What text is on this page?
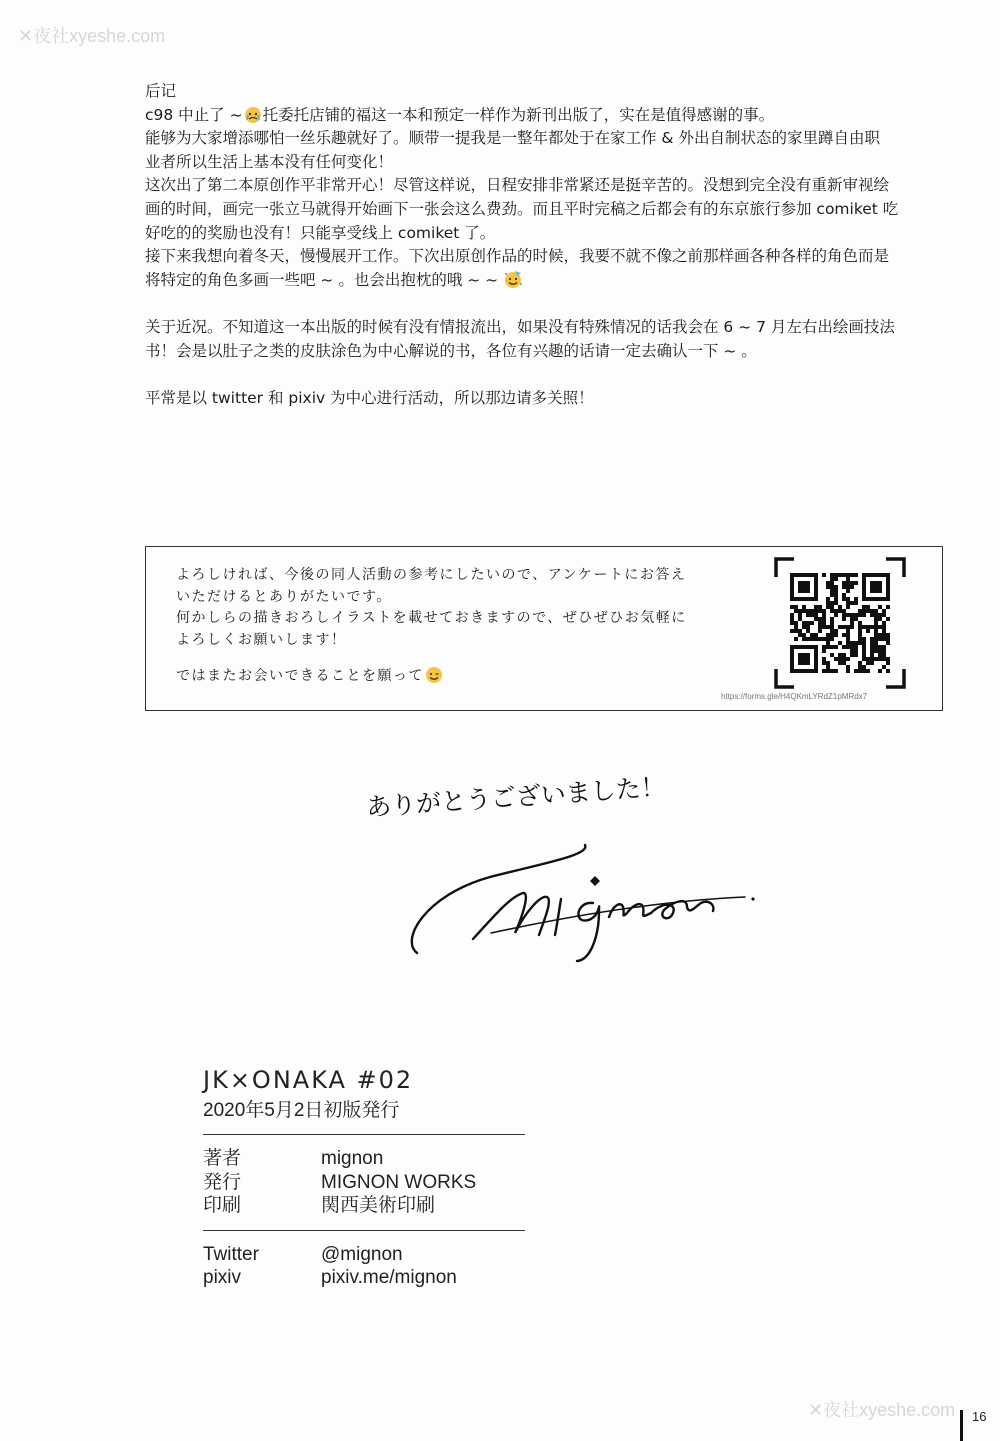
✕夜社xyeshe.com

后记

c98 中止了 ~ 托委托店铺的福这一本和预定一样作为新刊出版了，实在是值得感谢的事。

能够为大家增添哪怕一丝乐趣就好了。顺带一提我是一整年都处于在家工作 & 外出自制状态的家里蹲自由职

业者所以生活上基本没有任何变化！

这次出了第二本原创作平非常开心！尽管这样说，日程安排非常紧还是挺辛苦的。没想到完全没有重新审视绘

画的时间，画完一张立马就得开始画下一张会这么费劲。而且平时完稿之后都会有的东京旅行参加 comiket 吃

好吃的的奖励也没有！只能享受线上 comiket 了。

接下来我想向着冬天，慢慢展开工作。下次出原创作品的时候，我要不就不像之前那样画各种各样的角色而是

将特定的角色多画一些吧 ~ 。也会出抱枕的哦 ~ ~

关于近况。不知道这一本出版的时候有没有情报流出，如果没有特殊情况的话我会在 6 ~ 7 月左右出绘画技法

书！会是以肚子之类的皮肤涂色为中心解说的书，各位有兴趣的话请一定去确认一下 ~ 。

平常是以 twitter 和 pixiv 为中心进行活动，所以那边请多关照！

よろしければ、今後の同人活動の参考にしたいので、アンケートにお答え

いただけるとありがたいです。

何かしらの描きおろしイラストを載せておきますので、ぜひぜひお気軽に

よろしくお願いします！

ではまたお会いできることを願って

https://forms.gle/H4QKmLYRdZ1pMRdx7
ありがとうございました！
mignon.
JK×ONAKA #02
2020年5月2日初版発行
著者	mignon
発行	MIGNON WORKS
印刷	関西美術印刷
Twitter	@mignon
pixiv	pixiv.me/mignon
✕夜社xyeshe.com 16
